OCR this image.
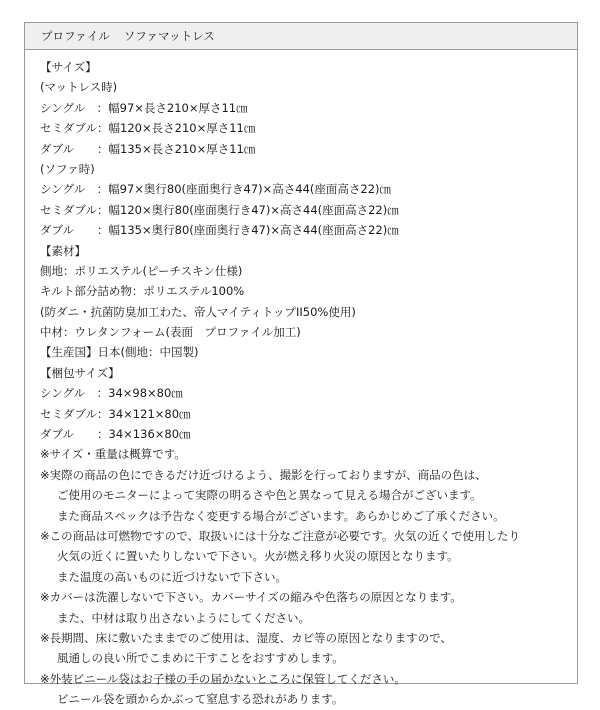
プロファイル ソファマットレス
【サイズ】
(マットレス時)
シングル　：幅97×長さ210×厚さ11㎝
セミダブル：幅120×長さ210×厚さ11㎝
ダブル　　：幅135×長さ210×厚さ11㎝
(ソファ時)
シングル　：幅97×奥行80(座面奥行き47)×高さ44(座面高さ22)㎝
セミダブル：幅120×奥行80(座面奥行き47)×高さ44(座面高さ22)㎝
ダブル　　：幅135×奥行80(座面奥行き47)×高さ44(座面高さ22)㎝
【素材】
側地：ポリエステル(ピーチスキン仕様)
キルト部分詰め物：ポリエステル100%
(防ダニ・抗菌防臭加工わた、帝人マイティトップII50%使用)
中材：ウレタンフォーム(表面　プロファイル加工)
【生産国】日本(側地：中国製)
【梱包サイズ】
シングル　：34×98×80㎝
セミダブル：34×121×80㎝
ダブル　　：34×136×80㎝
※サイズ・重量は概算です。
※実際の商品の色にできるだけ近づけるよう、撮影を行っておりますが、商品の色は、
ご使用のモニターによって実際の明るさや色と異なって見える場合がございます。
また商品スペックは予告なく変更する場合がございます。あらかじめご了承ください。
※この商品は可燃物ですので、取扱いには十分なご注意が必要です。火気の近くで使用したり
火気の近くに置いたりしないで下さい。火が燃え移り火災の原因となります。
また温度の高いものに近づけないで下さい。
※カバーは洗濯しないで下さい。カバーサイズの縮みや色落ちの原因となります。
また、中材は取り出さないようにしてください。
※長期間、床に敷いたままでのご使用は、湿度、カビ等の原因となりますので、
風通しの良い所でこまめに干すことをおすすめします。
※外装ビニール袋はお子様の手の届かないところに保管してください。
ビニール袋を頭からかぶって窒息する恐れがあります。
